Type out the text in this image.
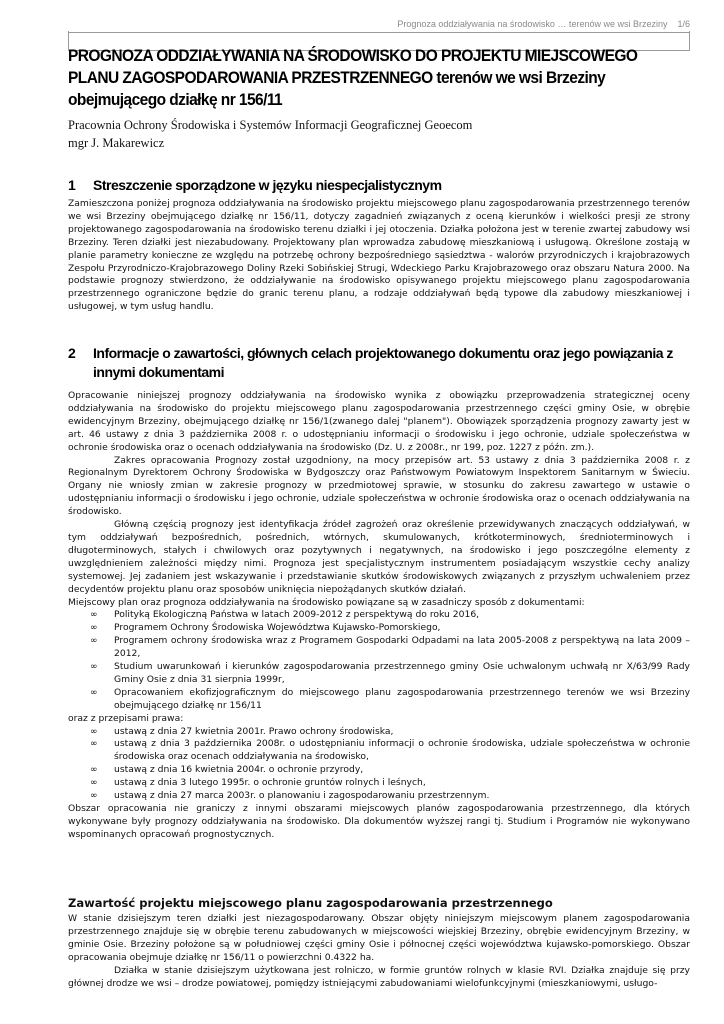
Prognoza oddziaływania na środowisko … terenów we wsi Brzeziny 1/6
PROGNOZA ODDZIAŁYWANIA NA ŚRODOWISKO DO PROJEKTU MIEJSCOWEGO PLANU ZAGOSPODAROWANIA PRZESTRZENNEGO terenów we wsi Brzeziny obejmującego działkę nr 156/11

Pracownia Ochrony Środowiska i Systemów Informacji Geograficznej Geoecom

mgr J. Makarewicz

1 Streszczenie sporządzone w języku niespecjalistycznym

Zamieszczona poniżej prognoza oddziaływania na środowisko projektu miejscowego planu zagospodarowania przestrzennego terenów we wsi Brzeziny obejmującego działkę nr 156/11, dotyczy zagadnień związanych z oceną kierunków i wielkości presji ze strony projektowanego zagospodarowania na środowisko terenu działki i jej otoczenia. Działka położona jest w terenie zwartej zabudowy wsi Brzeziny. Teren działki jest niezabudowany. Projektowany plan wprowadza zabudowę mieszkaniową i usługową. Określone zostają w planie parametry konieczne ze względu na potrzebę ochrony bezpośredniego sąsiedztwa - walorów przyrodniczych i krajobrazowych Zespołu Przyrodniczo-Krajobrazowego Doliny Rzeki Sobińskiej Strugi, Wdeckiego Parku Krajobrazowego oraz obszaru Natura 2000. Na podstawie prognozy stwierdzono, że oddziaływanie na środowisko opisywanego projektu miejscowego planu zagospodarowania przestrzennego ograniczone będzie do granic terenu planu, a rodzaje oddziaływań będą typowe dla zabudowy mieszkaniowej i usługowej, w tym usług handlu.

2 Informacje o zawartości, głównych celach projektowanego dokumentu oraz jego powiązania z innymi dokumentami

Opracowanie niniejszej prognozy oddziaływania na środowisko wynika z obowiązku przeprowadzenia strategicznej oceny oddziaływania na środowisko do projektu miejscowego planu zagospodarowania przestrzennego części gminy Osie, w obrębie ewidencyjnym Brzeziny, obejmującego działkę nr 156/1(zwanego dalej "planem"). Obowiązek sporządzenia prognozy zawarty jest w art. 46 ustawy z dnia 3 października 2008 r. o udostępnianiu informacji o środowisku i jego ochronie, udziale społeczeństwa w ochronie środowiska oraz o ocenach oddziaływania na środowisko (Dz. U. z 2008r., nr 199, poz. 1227 z późn. zm.).

Zakres opracowania Prognozy został uzgodniony, na mocy przepisów art. 53 ustawy z dnia 3 października 2008 r. z Regionalnym Dyrektorem Ochrony Środowiska w Bydgoszczy oraz Państwowym Powiatowym Inspektorem Sanitarnym w Świeciu. Organy nie wniosły zmian w zakresie prognozy w przedmiotowej sprawie, w stosunku do zakresu zawartego w ustawie o udostępnianiu informacji o środowisku i jego ochronie, udziale społeczeństwa w ochronie środowiska oraz o ocenach oddziaływania na środowisko.

Główną częścią prognozy jest identyfikacja źródeł zagrożeń oraz określenie przewidywanych znaczących oddziaływań, w tym oddziaływań bezpośrednich, pośrednich, wtórnych, skumulowanych, krótkoterminowych, średnioterminowych i długoterminowych, stałych i chwilowych oraz pozytywnych i negatywnych, na środowisko i jego poszczególne elementy z uwzględnieniem zależności między nimi. Prognoza jest specjalistycznym instrumentem posiadającym wszystkie cechy analizy systemowej. Jej zadaniem jest wskazywanie i przedstawianie skutków środowiskowych związanych z przyszłym uchwaleniem przez decydentów projektu planu oraz sposobów uniknięcia niepożądanych skutków działań.

Miejscowy plan oraz prognoza oddziaływania na środowisko powiązane są w zasadniczy sposób z dokumentami:

∞ Polityką Ekologiczną Państwa w latach 2009-2012 z perspektywą do roku 2016,
∞ Programem Ochrony Środowiska Województwa Kujawsko-Pomorskiego,
∞ Programem ochrony środowiska wraz z Programem Gospodarki Odpadami na lata 2005-2008 z perspektywą na lata 2009 – 2012,
∞ Studium uwarunkowań i kierunków zagospodarowania przestrzennego gminy Osie uchwalonym uchwałą nr X/63/99 Rady Gminy Osie z dnia 31 sierpnia 1999r,
∞ Opracowaniem ekofizjograficznym do miejscowego planu zagospodarowania przestrzennego terenów we wsi Brzeziny obejmującego działkę nr 156/11

oraz z przepisami prawa:

∞ ustawą z dnia 27 kwietnia 2001r. Prawo ochrony środowiska,
∞ ustawą z dnia 3 października 2008r. o udostępnianiu informacji o ochronie środowiska, udziale społeczeństwa w ochronie środowiska oraz ocenach oddziaływania na środowisko,
∞ ustawą z dnia 16 kwietnia 2004r. o ochronie przyrody,
∞ ustawą z dnia 3 lutego 1995r. o ochronie gruntów rolnych i leśnych,
∞ ustawą z dnia 27 marca 2003r. o planowaniu i zagospodarowaniu przestrzennym.

Obszar opracowania nie graniczy z innymi obszarami miejscowych planów zagospodarowania przestrzennego, dla których wykonywane były prognozy oddziaływania na środowisko. Dla dokumentów wyższej rangi tj. Studium i Programów nie wykonywano wspominanych opracowań prognostycznych.

Zawartość projektu miejscowego planu zagospodarowania przestrzennego

W stanie dzisiejszym teren działki jest niezagospodarowany. Obszar objęty niniejszym miejscowym planem zagospodarowania przestrzennego znajduje się w obrębie terenu zabudowanych w miejscowości wiejskiej Brzeziny, obrębie ewidencyjnym Brzeziny, w gminie Osie. Brzeziny położone są w południowej części gminy Osie i północnej części województwa kujawsko-pomorskiego. Obszar opracowania obejmuje działkę nr 156/11 o powierzchni 0.4322 ha.

Działka w stanie dzisiejszym użytkowana jest rolniczo, w formie gruntów rolnych w klasie RVI. Działka znajduje się przy głównej drodze we wsi – drodze powiatowej, pomiędzy istniejącymi zabudowaniami wielofunkcyjnymi (mieszkaniowymi, usługo-
